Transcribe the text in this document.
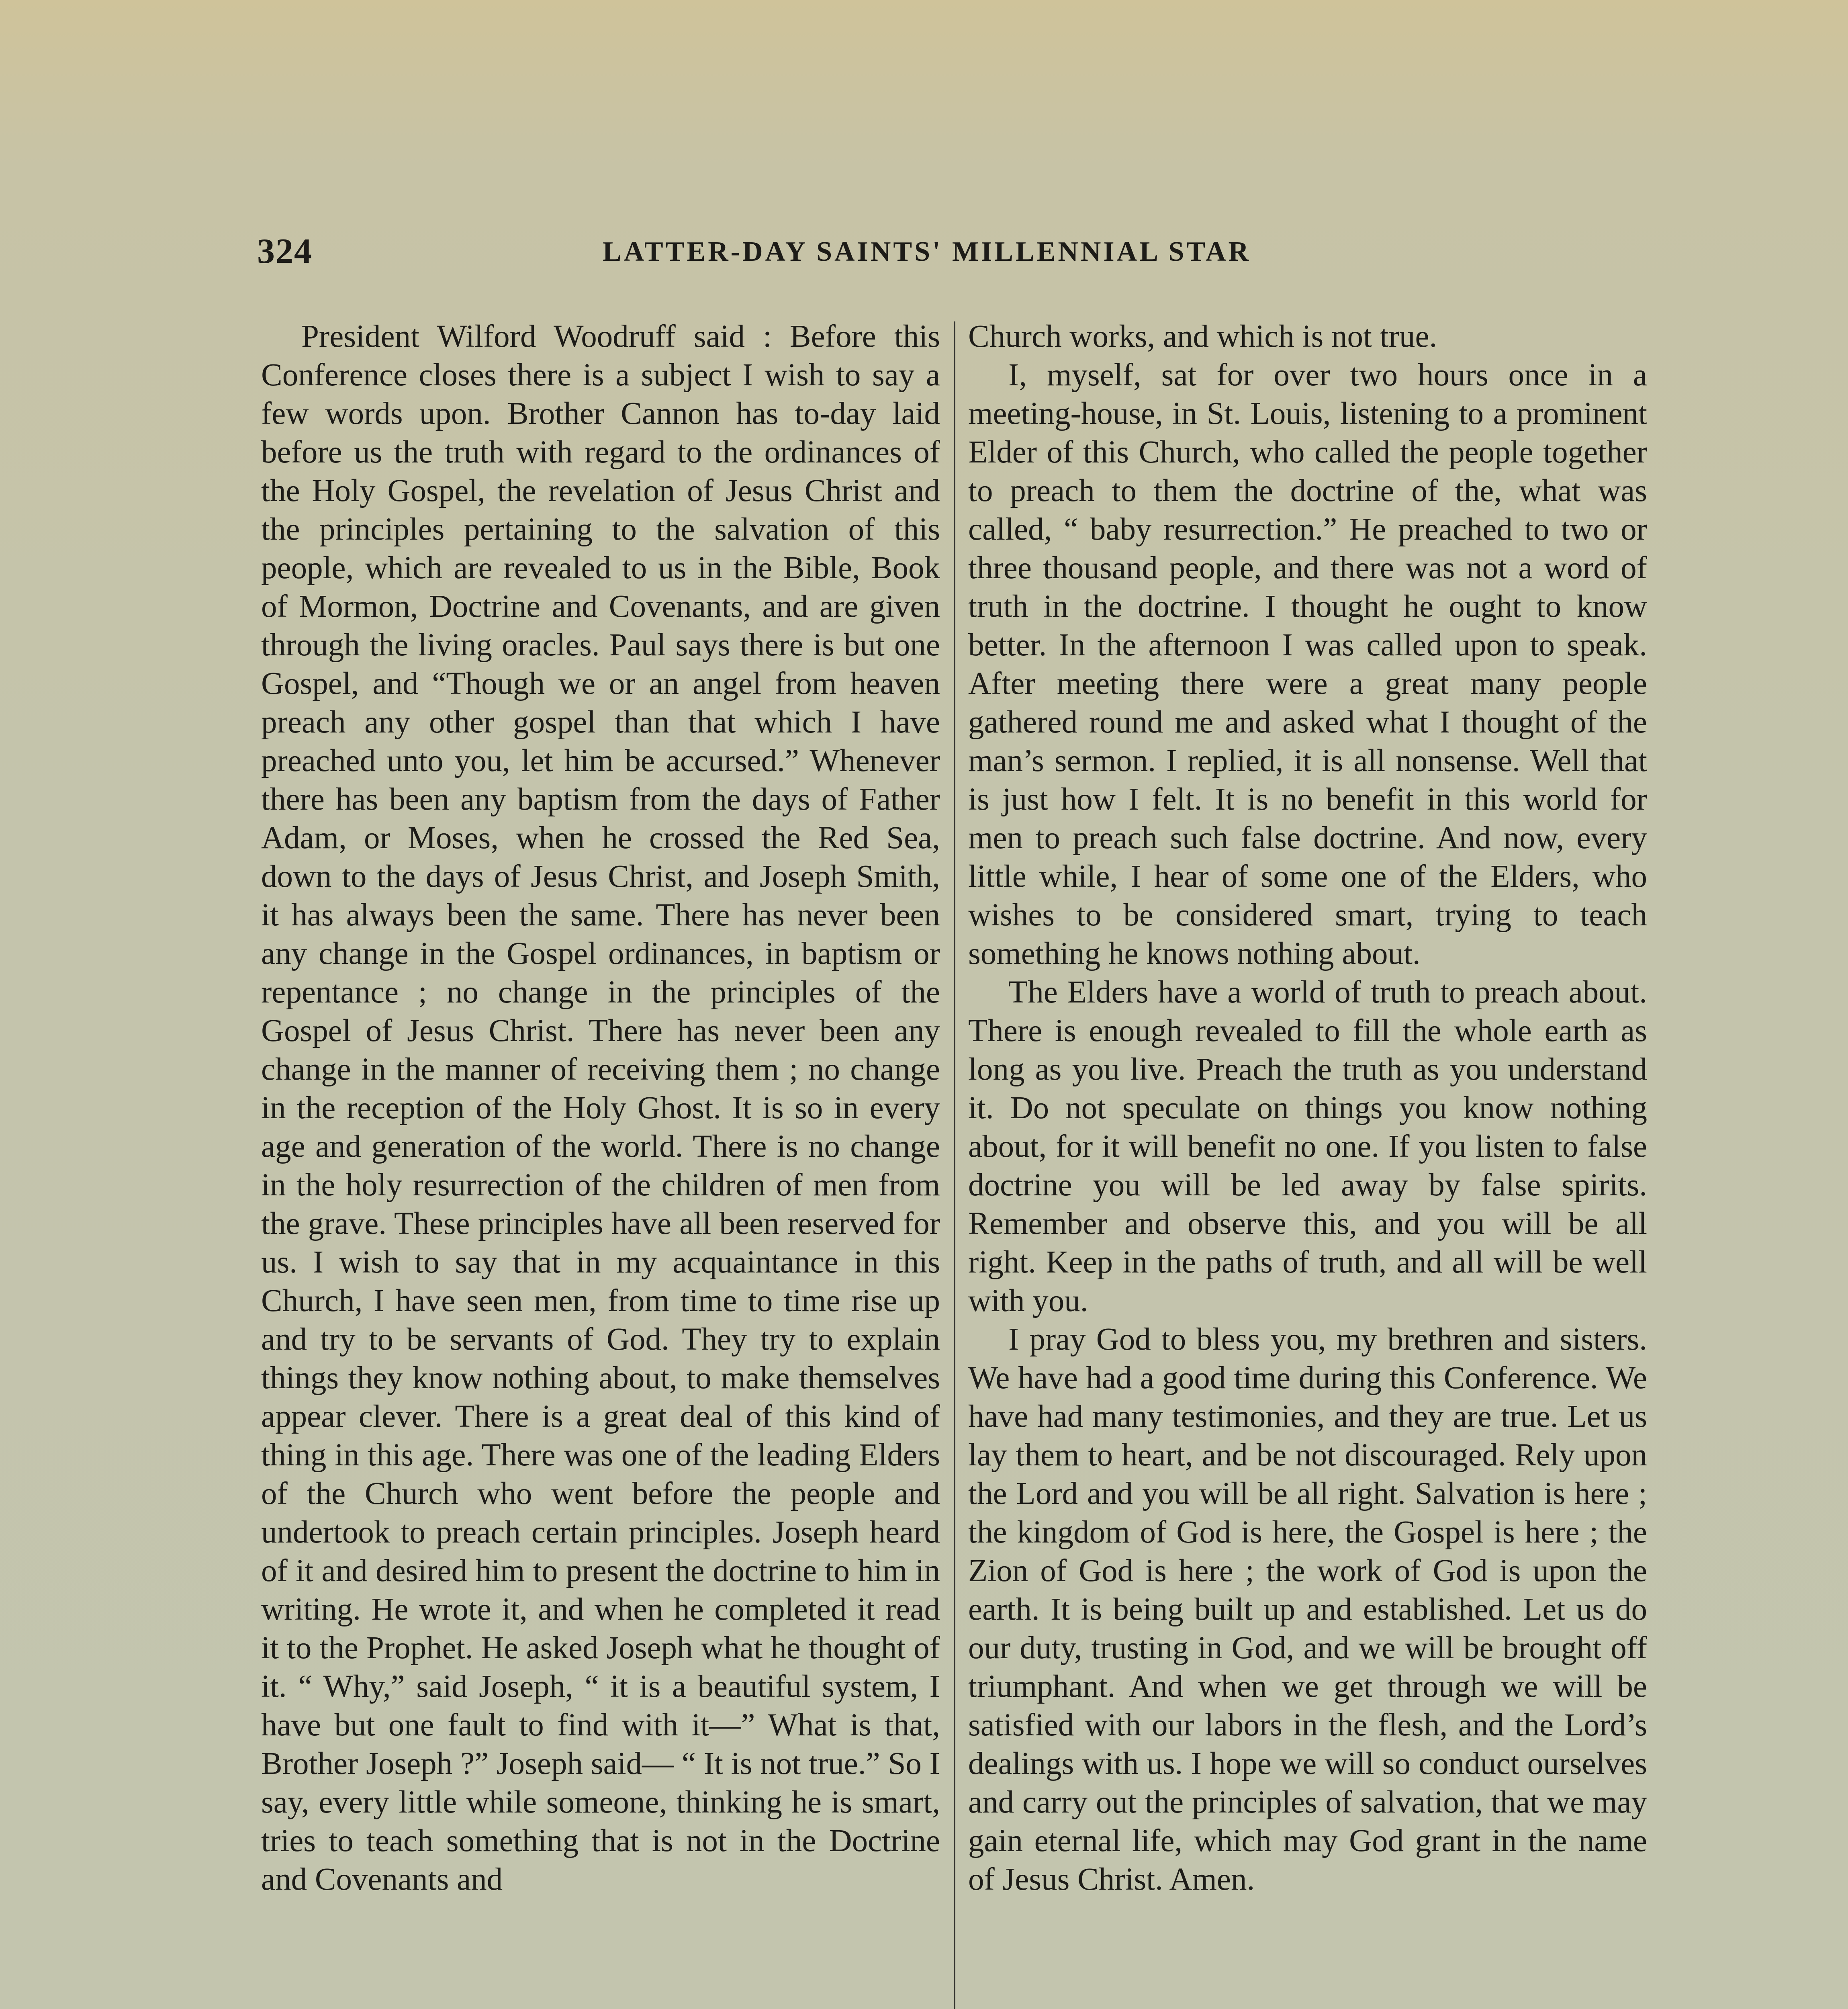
324	LATTER-DAY SAINTS' MILLENNIAL STAR

President Wilford Woodruff said : Before this Conference closes there is a subject I wish to say a few words upon. Brother Cannon has to-day laid before us the truth with regard to the ordinances of the Holy Gospel, the revelation of Jesus Christ and the principles pertaining to the salvation of this people, which are revealed to us in the Bible, Book of Mormon, Doctrine and Covenants, and are given through the living oracles. Paul says there is but one Gospel, and “Though we or an angel from heaven preach any other gospel than that which I have preached unto you, let him be accursed.” Whenever there has been any baptism from the days of Father Adam, or Moses, when he crossed the Red Sea, down to the days of Jesus Christ, and Joseph Smith, it has always been the same. There has never been any change in the Gospel ordinances, in baptism or repentance ; no change in the principles of the Gospel of Jesus Christ. There has never been any change in the manner of receiving them ; no change in the reception of the Holy Ghost. It is so in every age and generation of the world. There is no change in the holy resurrection of the children of men from the grave. These principles have all been reserved for us. I wish to say that in my acquaintance in this Church, I have seen men, from time to time rise up and try to be servants of God. They try to explain things they know nothing about, to make themselves appear clever. There is a great deal of this kind of thing in this age. There was one of the leading Elders of the Church who went before the people and undertook to preach certain principles. Joseph heard of it and desired him to present the doctrine to him in writing. He wrote it, and when he completed it read it to the Prophet. He asked Joseph what he thought of it. “ Why,” said Joseph, “ it is a beautiful system, I have but one fault to find with it—” What is that, Brother Joseph ?” Joseph said— “ It is not true.” So I say, every little while someone, thinking he is smart, tries to teach something that is not in the Doctrine and Covenants and

Church works, and which is not true.

I, myself, sat for over two hours once in a meeting-house, in St. Louis, listening to a prominent Elder of this Church, who called the people together to preach to them the doctrine of the, what was called, “ baby resurrection.” He preached to two or three thousand people, and there was not a word of truth in the doctrine. I thought he ought to know better. In the afternoon I was called upon to speak. After meeting there were a great many people gathered round me and asked what I thought of the man’s sermon. I replied, it is all nonsense. Well that is just how I felt. It is no benefit in this world for men to preach such false doctrine. And now, every little while, I hear of some one of the Elders, who wishes to be considered smart, trying to teach something he knows nothing about.

The Elders have a world of truth to preach about. There is enough revealed to fill the whole earth as long as you live. Preach the truth as you understand it. Do not speculate on things you know nothing about, for it will benefit no one. If you listen to false doctrine you will be led away by false spirits. Remember and observe this, and you will be all right. Keep in the paths of truth, and all will be well with you.

I pray God to bless you, my brethren and sisters. We have had a good time during this Conference. We have had many testimonies, and they are true. Let us lay them to heart, and be not discouraged. Rely upon the Lord and you will be all right. Salvation is here ; the kingdom of God is here, the Gospel is here ; the Zion of God is here ; the work of God is upon the earth. It is being built up and established. Let us do our duty, trusting in God, and we will be brought off triumphant. And when we get through we will be satisfied with our labors in the flesh, and the Lord’s dealings with us. I hope we will so conduct ourselves and carry out the principles of salvation, that we may gain eternal life, which may God grant in the name of Jesus Christ. Amen.
